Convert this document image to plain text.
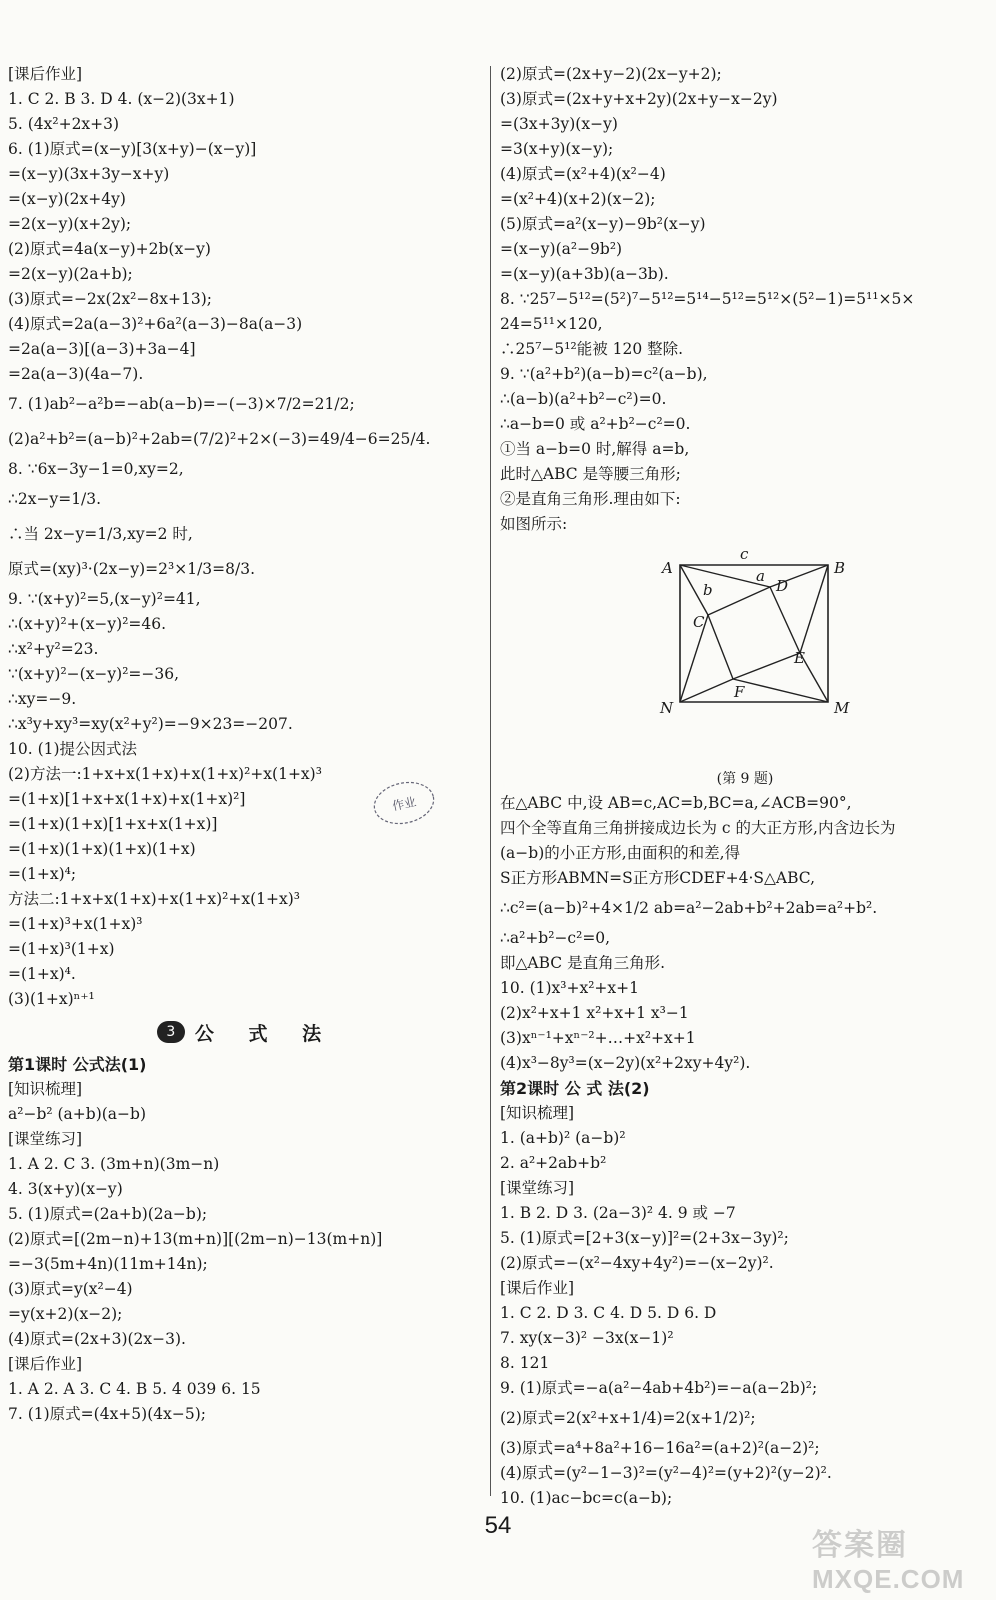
[课后作业]
1. C 2. B 3. D 4. (x−2)(3x+1)
5. (4x²+2x+3)
6. (1)原式=(x−y)[3(x+y)−(x−y)]
=(x−y)(3x+3y−x+y)
=(x−y)(2x+4y)
=2(x−y)(x+2y);
(2)原式=4a(x−y)+2b(x−y)
=2(x−y)(2a+b);
(3)原式=−2x(2x²−8x+13);
(4)原式=2a(a−3)²+6a²(a−3)−8a(a−3)
=2a(a−3)[(a−3)+3a−4]
=2a(a−3)(4a−7).
7. (1)ab²−a²b=−ab(a−b)=−(−3)×7/2=21/2;
(2)a²+b²=(a−b)²+2ab=(7/2)²+2×(−3)=49/4−6=25/4.
8. ∵6x−3y−1=0,xy=2,
∴2x−y=1/3.
∴当 2x−y=1/3,xy=2 时,
原式=(xy)³·(2x−y)=2³×1/3=8/3.
9. ∵(x+y)²=5,(x−y)²=41,
∴(x+y)²+(x−y)²=46.
∴x²+y²=23.
∵(x+y)²−(x−y)²=−36,
∴xy=−9.
∴x³y+xy³=xy(x²+y²)=−9×23=−207.
10. (1)提公因式法
(2)方法一:1+x+x(1+x)+x(1+x)²+x(1+x)³
=(1+x)[1+x+x(1+x)+x(1+x)²]
=(1+x)(1+x)[1+x+x(1+x)]
=(1+x)(1+x)(1+x)(1+x)
=(1+x)⁴;
方法二:1+x+x(1+x)+x(1+x)²+x(1+x)³
=(1+x)³+x(1+x)³
=(1+x)³(1+x)
=(1+x)⁴.
(3)(1+x)ⁿ⁺¹
3	公 式 法
第1课时 公式法(1)
[知识梳理]
a²−b² (a+b)(a−b)
[课堂练习]
1. A 2. C 3. (3m+n)(3m−n)
4. 3(x+y)(x−y)
5. (1)原式=(2a+b)(2a−b);
(2)原式=[(2m−n)+13(m+n)][(2m−n)−13(m+n)]
=−3(5m+4n)(11m+14n);
(3)原式=y(x²−4)
=y(x+2)(x−2);
(4)原式=(2x+3)(2x−3).
[课后作业]
1. A 2. A 3. C 4. B 5. 4 039 6. 15
7. (1)原式=(4x+5)(4x−5);
(2)原式=(2x+y−2)(2x−y+2);
(3)原式=(2x+y+x+2y)(2x+y−x−2y)
=(3x+3y)(x−y)
=3(x+y)(x−y);
(4)原式=(x²+4)(x²−4)
=(x²+4)(x+2)(x−2);
(5)原式=a²(x−y)−9b²(x−y)
=(x−y)(a²−9b²)
=(x−y)(a+3b)(a−3b).
8. ∵25⁷−5¹²=(5²)⁷−5¹²=5¹⁴−5¹²=5¹²×(5²−1)=5¹¹×5×
24=5¹¹×120,
∴25⁷−5¹²能被 120 整除.
9. ∵(a²+b²)(a−b)=c²(a−b),
∴(a−b)(a²+b²−c²)=0.
∴a−b=0 或 a²+b²−c²=0.
①当 a−b=0 时,解得 a=b,
此时△ABC 是等腰三角形;
②是直角三角形.理由如下:
如图所示:
A	B
M
N
C
D
E
F
a
b
c
(第 9 题)
在△ABC 中,设 AB=c,AC=b,BC=a,∠ACB=90°,
四个全等直角三角拼接成边长为 c 的大正方形,内含边长为
(a−b)的小正方形,由面积的和差,得
S正方形ABMN=S正方形CDEF+4·S△ABC,
∴c²=(a−b)²+4×1/2 ab=a²−2ab+b²+2ab=a²+b².
∴a²+b²−c²=0,
即△ABC 是直角三角形.
10. (1)x³+x²+x+1
(2)x²+x+1 x²+x+1 x³−1
(3)xⁿ⁻¹+xⁿ⁻²+…+x²+x+1
(4)x³−8y³=(x−2y)(x²+2xy+4y²).
第2课时 公 式 法(2)
[知识梳理]
1. (a+b)² (a−b)²
2. a²+2ab+b²
[课堂练习]
1. B 2. D 3. (2a−3)² 4. 9 或 −7
5. (1)原式=[2+3(x−y)]²=(2+3x−3y)²;
(2)原式=−(x²−4xy+4y²)=−(x−2y)².
[课后作业]
1. C 2. D 3. C 4. D 5. D 6. D
7. xy(x−3)² −3x(x−1)²
8. 121
9. (1)原式=−a(a²−4ab+4b²)=−a(a−2b)²;
(2)原式=2(x²+x+1/4)=2(x+1/2)²;
(3)原式=a⁴+8a²+16−16a²=(a+2)²(a−2)²;
(4)原式=(y²−1−3)²=(y²−4)²=(y+2)²(y−2)².
10. (1)ac−bc=c(a−b);
作业
54
答案圈
MXQE.COM
